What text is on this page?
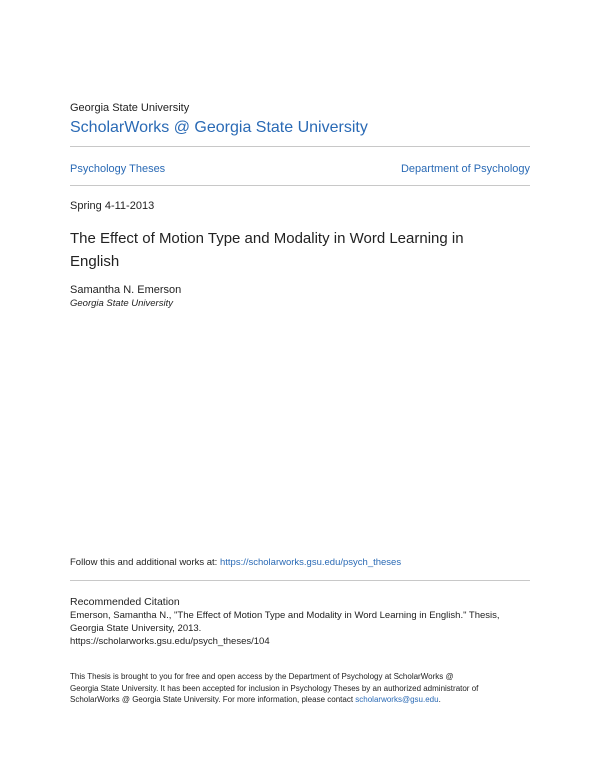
Georgia State University
ScholarWorks @ Georgia State University
Psychology Theses	Department of Psychology
Spring 4-11-2013
The Effect of Motion Type and Modality in Word Learning in English
Samantha N. Emerson
Georgia State University
Follow this and additional works at: https://scholarworks.gsu.edu/psych_theses
Recommended Citation
Emerson, Samantha N., "The Effect of Motion Type and Modality in Word Learning in English." Thesis,
Georgia State University, 2013.
https://scholarworks.gsu.edu/psych_theses/104
This Thesis is brought to you for free and open access by the Department of Psychology at ScholarWorks @
Georgia State University. It has been accepted for inclusion in Psychology Theses by an authorized administrator of
ScholarWorks @ Georgia State University. For more information, please contact scholarworks@gsu.edu.
